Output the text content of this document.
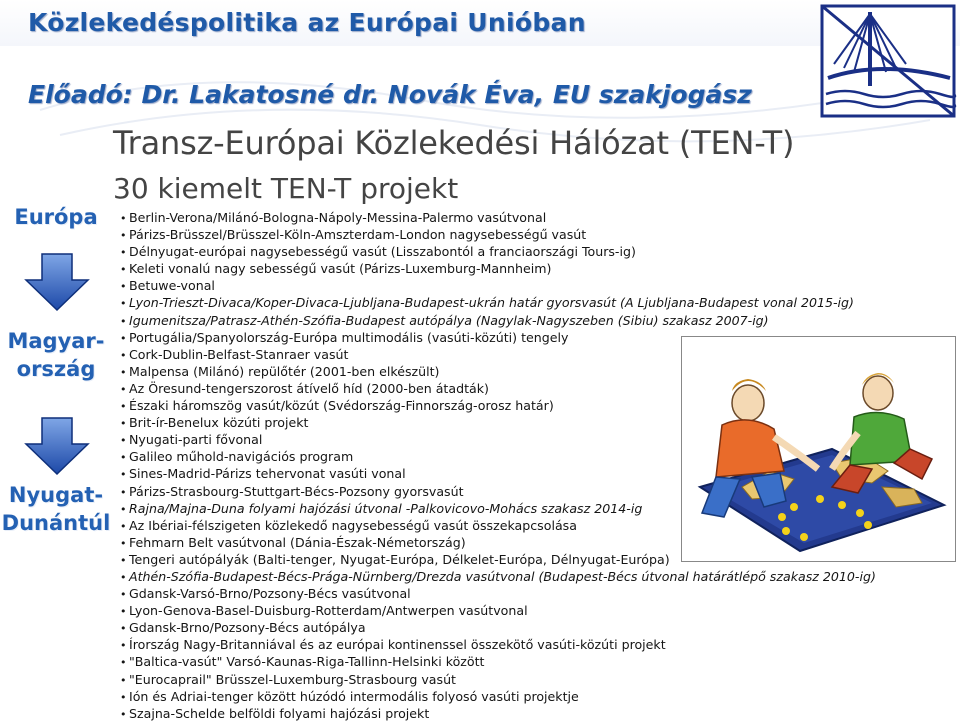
Közlekedéspolitika az Európai Unióban
Előadó: Dr. Lakatosné dr. Novák Éva, EU szakjogász
Európa
Magyar-
ország
Nyugat-
Dunántúl
Transz-Európai Közlekedési Hálózat (TEN-T)
30 kiemelt TEN-T projekt
• Berlin-Verona/Milánó-Bologna-Nápoly-Messina-Palermo vasútvonal
• Párizs-Brüsszel/Brüsszel-Köln-Amszterdam-London nagysebességű vasút
• Délnyugat-európai nagysebességű vasút (Lisszabontól a franciaországi Tours-ig)
• Keleti vonalú nagy sebességű vasút (Párizs-Luxemburg-Mannheim)
• Betuwe-vonal
• Lyon-Trieszt-Divaca/Koper-Divaca-Ljubljana-Budapest-ukrán határ gyorsvasút (A Ljubljana-Budapest vonal 2015-ig)
• Igumenitsza/Patrasz-Athén-Szófia-Budapest autópálya (Nagylak-Nagyszeben (Sibiu) szakasz 2007-ig)
• Portugália/Spanyolország-Európa multimodális (vasúti-közúti) tengely
• Cork-Dublin-Belfast-Stanraer vasút
• Malpensa (Milánó) repülőtér (2001-ben elkészült)
• Az Öresund-tengerszorost átívelő híd (2000-ben átadták)
• Északi háromszög vasút/közút (Svédország-Finnország-orosz határ)
• Brit-ír-Benelux közúti projekt
• Nyugati-parti fővonal
• Galileo műhold-navigációs program
• Sines-Madrid-Párizs tehervonat vasúti vonal
• Párizs-Strasbourg-Stuttgart-Bécs-Pozsony gyorsvasút
• Rajna/Majna-Duna folyami hajózási útvonal -Palkovicovo-Mohács szakasz 2014-ig
• Az Ibériai-félszigeten közlekedő nagysebességű vasút összekapcsolása
• Fehmarn Belt vasútvonal (Dánia-Észak-Németország)
• Tengeri autópályák (Balti-tenger, Nyugat-Európa, Délkelet-Európa, Délnyugat-Európa)
• Athén-Szófia-Budapest-Bécs-Prága-Nürnberg/Drezda vasútvonal (Budapest-Bécs útvonal határátlépő szakasz 2010-ig)
• Gdansk-Varsó-Brno/Pozsony-Bécs vasútvonal
• Lyon-Genova-Basel-Duisburg-Rotterdam/Antwerpen vasútvonal
• Gdansk-Brno/Pozsony-Bécs autópálya
• Írország Nagy-Britanniával és az európai kontinenssel összekötő vasúti-közúti projekt
• "Baltica-vasút" Varsó-Kaunas-Riga-Tallinn-Helsinki között
• "Eurocaprail" Brüsszel-Luxemburg-Strasbourg vasút
• Ión és Adriai-tenger között húzódó intermodális folyosó vasúti projektje
• Szajna-Schelde belföldi folyami hajózási projekt
